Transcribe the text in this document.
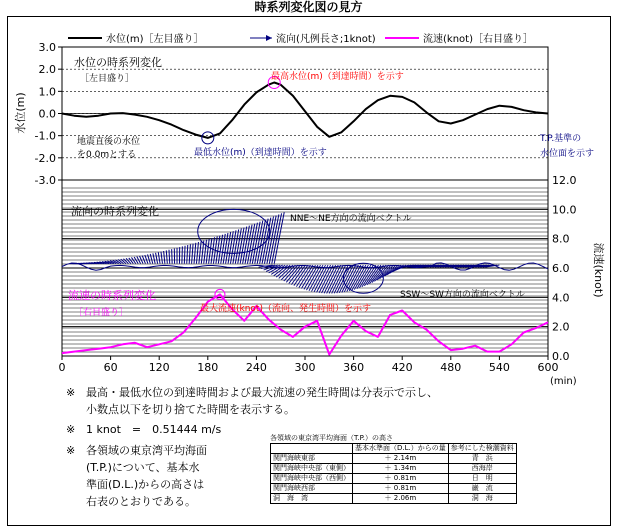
時系列変化図の見方
3.0
2.0
1.0
0.0
-1.0
-2.0
-3.0
0.0
2.0
4.0
6.0
8.0
10.0
12.0
0	60	120	180	240	300	360	420	480	540	600
(min)
水位(m)
流速(knot)
水位(m)［左目盛り］	流向(凡例長さ;1knot)	流速(knot)［右目盛り］
水位の時系列変化
［左目盛り］	最高水位(m)（到達時間）を示す
最低水位(m)（到達時間）を示す
地震直後の水位
を0.0mとする
T.P.基準の
水位面を示す
流向の時系列変化
NNE～NE方向の流向ベクトル
SSW～SW方向の流向ベクトル
流速の時系列変化
［右目盛り］	最大流速(knot)（流向、発生時間）を示す
※ 最高・最低水位の到達時間および最大流速の発生時間は分表示で示し、
小数点以下を切り捨てた時間を表示する。
※ 1 knot　=　0.51444 m/s
※ 各領域の東京湾平均海面
(T.P.)について、基本水
準面(D.L.)からの高さは
右表のとおりである。
各領域の東京湾平均海面（T.P.）の高さ
	基本水準面（D.L.）からの量	参考にした検潮資料
関門海峡東部	＋ 2.14m	青　浜
関門海峡中央部（東側）	＋ 1.34m	西海岸
関門海峡中央部（西側）	＋ 0.81m	日　明
関門海峡西部	＋ 0.81m	巌　流
洞　海　湾	＋ 2.06m	洞　海
